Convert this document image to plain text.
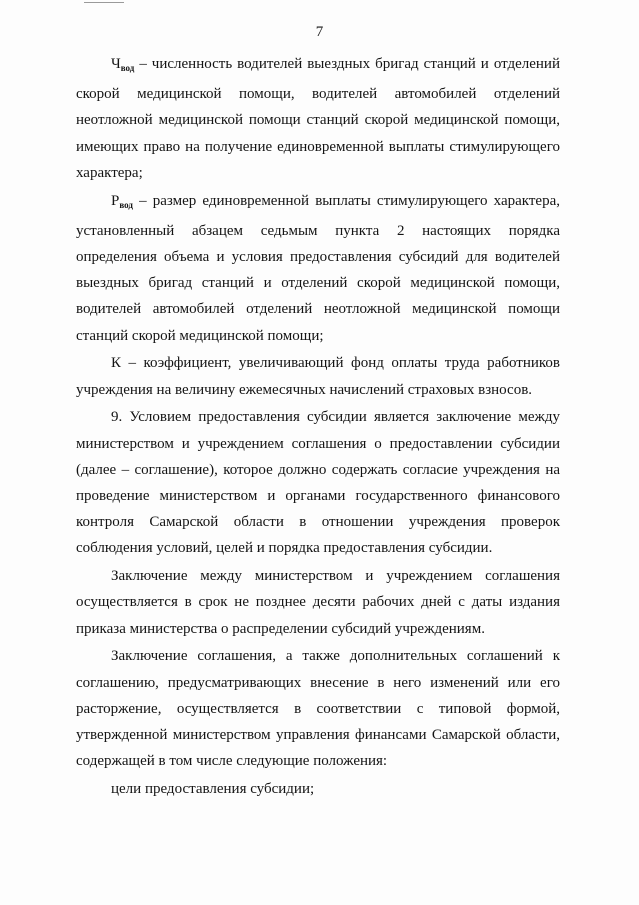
7

$Ч_{вод}$ – численность водителей выездных бригад станций и отделений скорой медицинской помощи, водителей автомобилей отделений неотложной медицинской помощи станций скорой медицинской помощи, имеющих право на получение единовременной выплаты стимулирующего характера;

$Р_{вод}$ – размер единовременной выплаты стимулирующего характера, установленный абзацем седьмым пункта 2 настоящих порядка определения объема и условия предоставления субсидий для водителей выездных бригад станций и отделений скорой медицинской помощи, водителей автомобилей отделений неотложной медицинской помощи станций скорой медицинской помощи;

К – коэффициент, увеличивающий фонд оплаты труда работников учреждения на величину ежемесячных начислений страховых взносов.

9. Условием предоставления субсидии является заключение между министерством и учреждением соглашения о предоставлении субсидии (далее – соглашение), которое должно содержать согласие учреждения на проведение министерством и органами государственного финансового контроля Самарской области в отношении учреждения проверок соблюдения условий, целей и порядка предоставления субсидии.

Заключение между министерством и учреждением соглашения осуществляется в срок не позднее десяти рабочих дней с даты издания приказа министерства о распределении субсидий учреждениям.

Заключение соглашения, а также дополнительных соглашений к соглашению, предусматривающих внесение в него изменений или его расторжение, осуществляется в соответствии с типовой формой, утвержденной министерством управления финансами Самарской области, содержащей в том числе следующие положения:

цели предоставления субсидии;
